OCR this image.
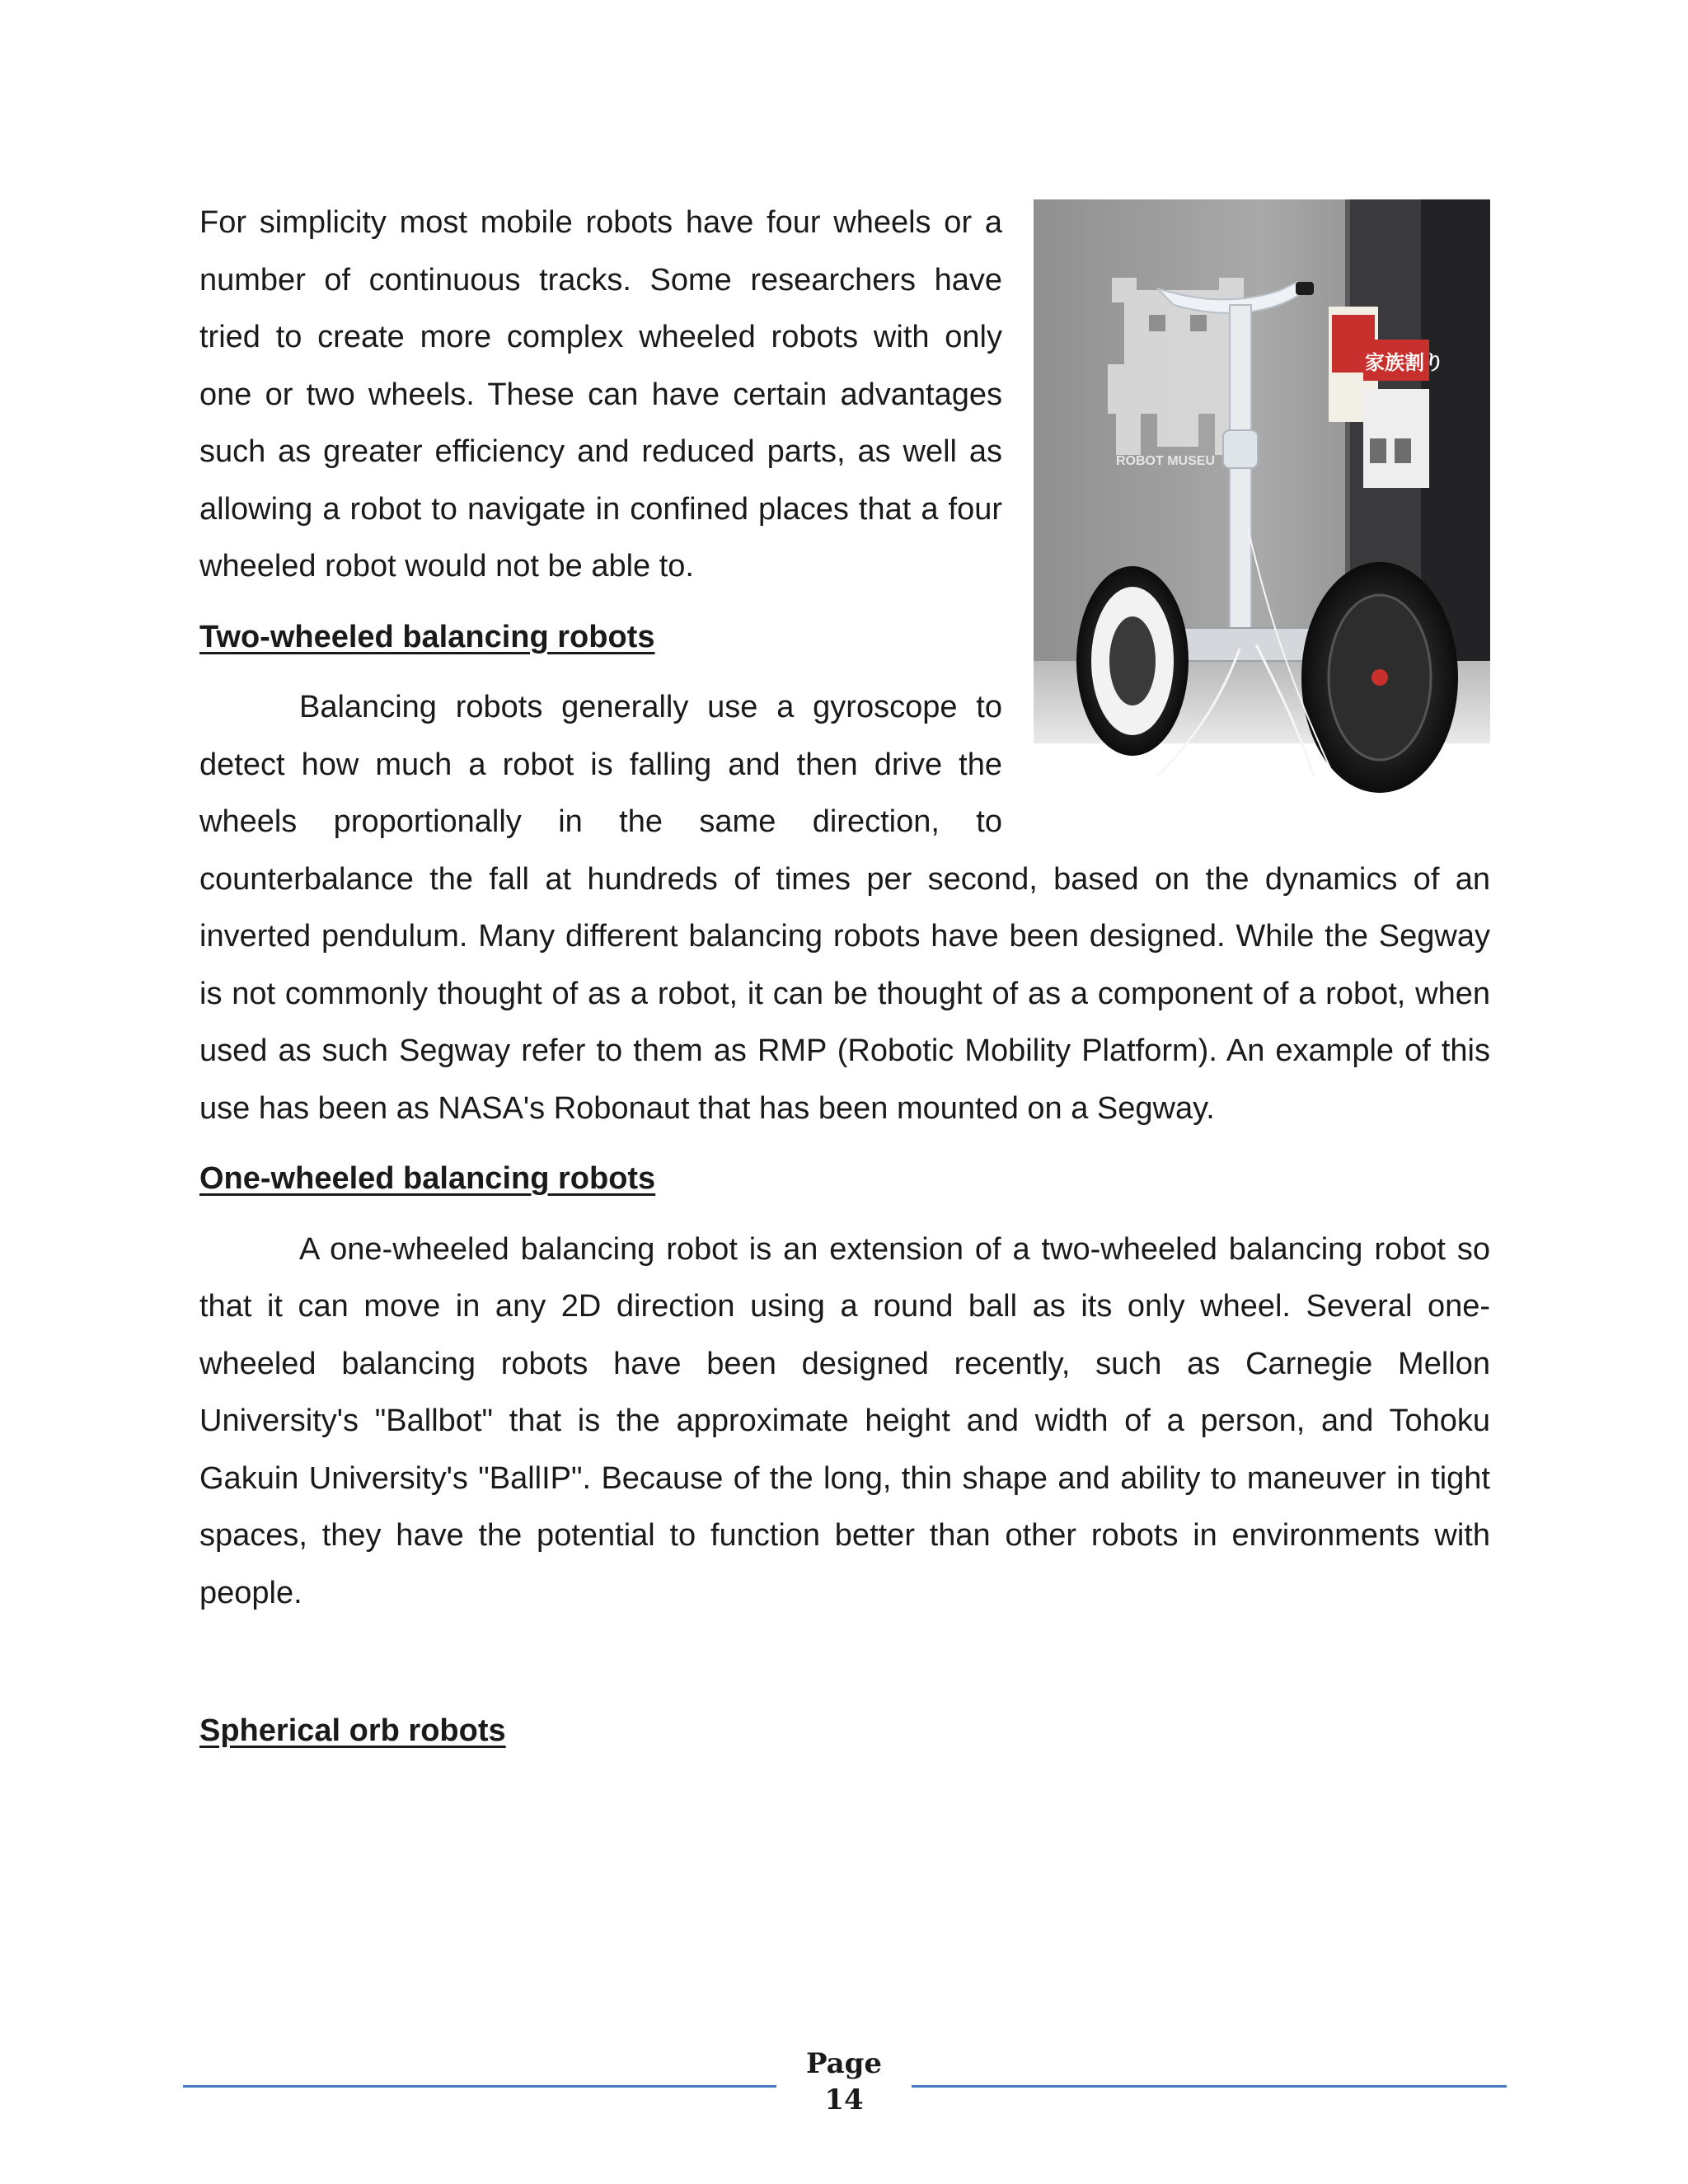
ROBOT MUSEU
家族割り

For simplicity most mobile robots have four wheels or a number of continuous tracks. Some researchers have tried to create more complex wheeled robots with only one or two wheels. These can have certain advantages such as greater efficiency and reduced parts, as well as allowing a robot to navigate in confined places that a four wheeled robot would not be able to.

Two-wheeled balancing robots

Balancing robots generally use a gyroscope to detect how much a robot is falling and then drive the wheels proportionally in the same direction, to counterbalance the fall at hundreds of times per second, based on the dynamics of an inverted pendulum. Many different balancing robots have been designed. While the Segway is not commonly thought of as a robot, it can be thought of as a component of a robot, when used as such Segway refer to them as RMP (Robotic Mobility Platform). An example of this use has been as NASA's Robonaut that has been mounted on a Segway.

One-wheeled balancing robots

A one-wheeled balancing robot is an extension of a two-wheeled balancing robot so that it can move in any 2D direction using a round ball as its only wheel. Several one-wheeled balancing robots have been designed recently, such as Carnegie Mellon University's "Ballbot" that is the approximate height and width of a person, and Tohoku Gakuin University's "BallIP". Because of the long, thin shape and ability to maneuver in tight spaces, they have the potential to function better than other robots in environments with people.

Spherical orb robots
Page
14
